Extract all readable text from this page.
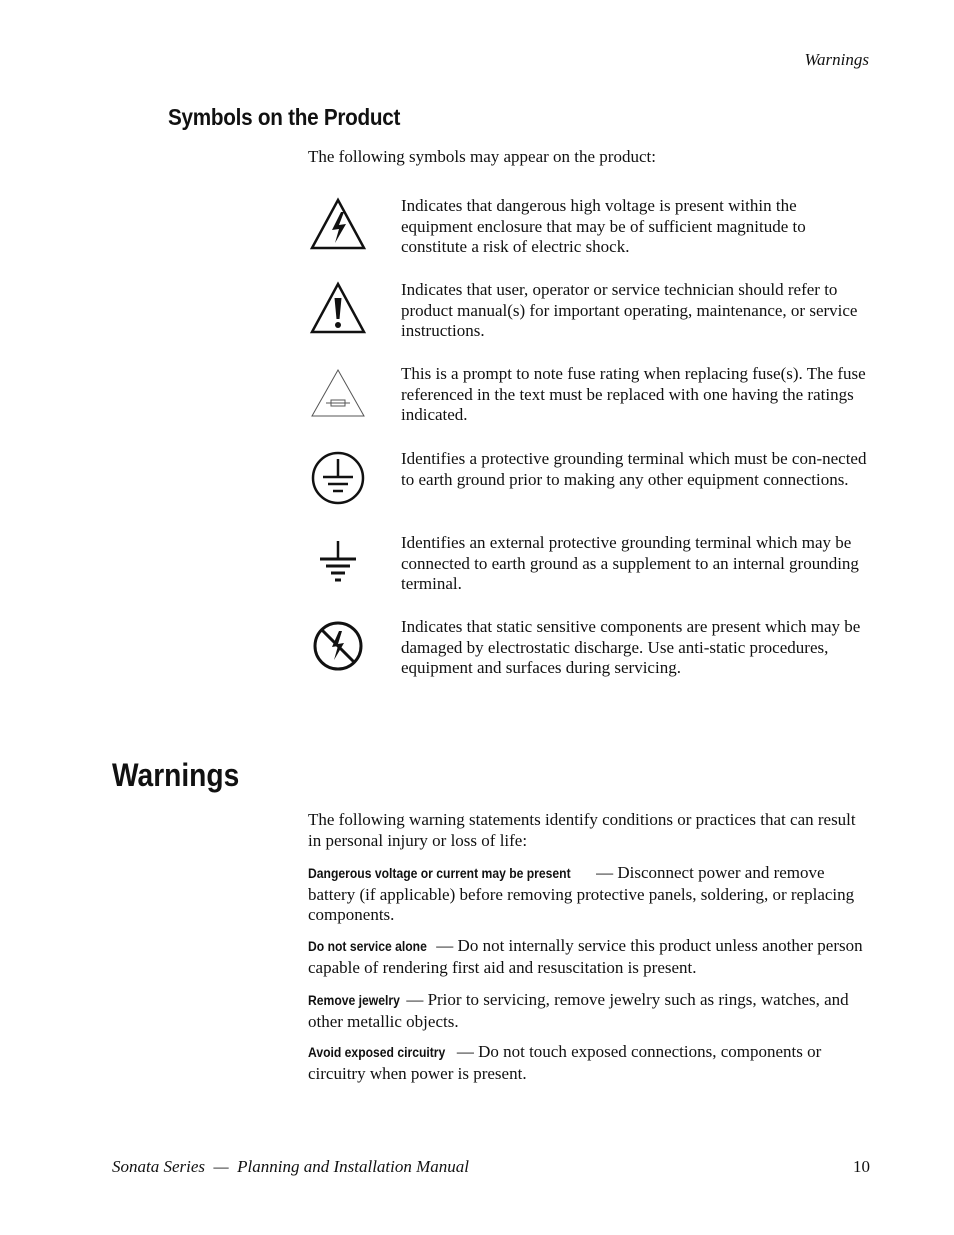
Warnings
Symbols on the Product
The following symbols may appear on the product:
Indicates that dangerous high voltage is present within the equipment enclosure that may be of sufficient magnitude to constitute a risk of electric shock.
Indicates that user, operator or service technician should refer to product manual(s) for important operating, maintenance, or service instructions.
This is a prompt to note fuse rating when replacing fuse(s). The fuse referenced in the text must be replaced with one having the ratings indicated.
Identifies a protective grounding terminal which must be con-nected to earth ground prior to making any other equipment connections.
Identifies an external protective grounding terminal which may be connected to earth ground as a supplement to an internal grounding terminal.
Indicates that static sensitive components are present which may be damaged by electrostatic discharge. Use anti-static procedures, equipment and surfaces during servicing.
Warnings
The following warning statements identify conditions or practices that can result in personal injury or loss of life:
Dangerous voltage or current may be present — Disconnect power and remove battery (if applicable) before removing protective panels, soldering, or replacing components.
Do not service alone — Do not internally service this product unless another person capable of rendering first aid and resuscitation is present.
Remove jewelry — Prior to servicing, remove jewelry such as rings, watches, and other metallic objects.
Avoid exposed circuitry — Do not touch exposed connections, components or circuitry when power is present.
Sonata Series  —  Planning and Installation Manual	10
